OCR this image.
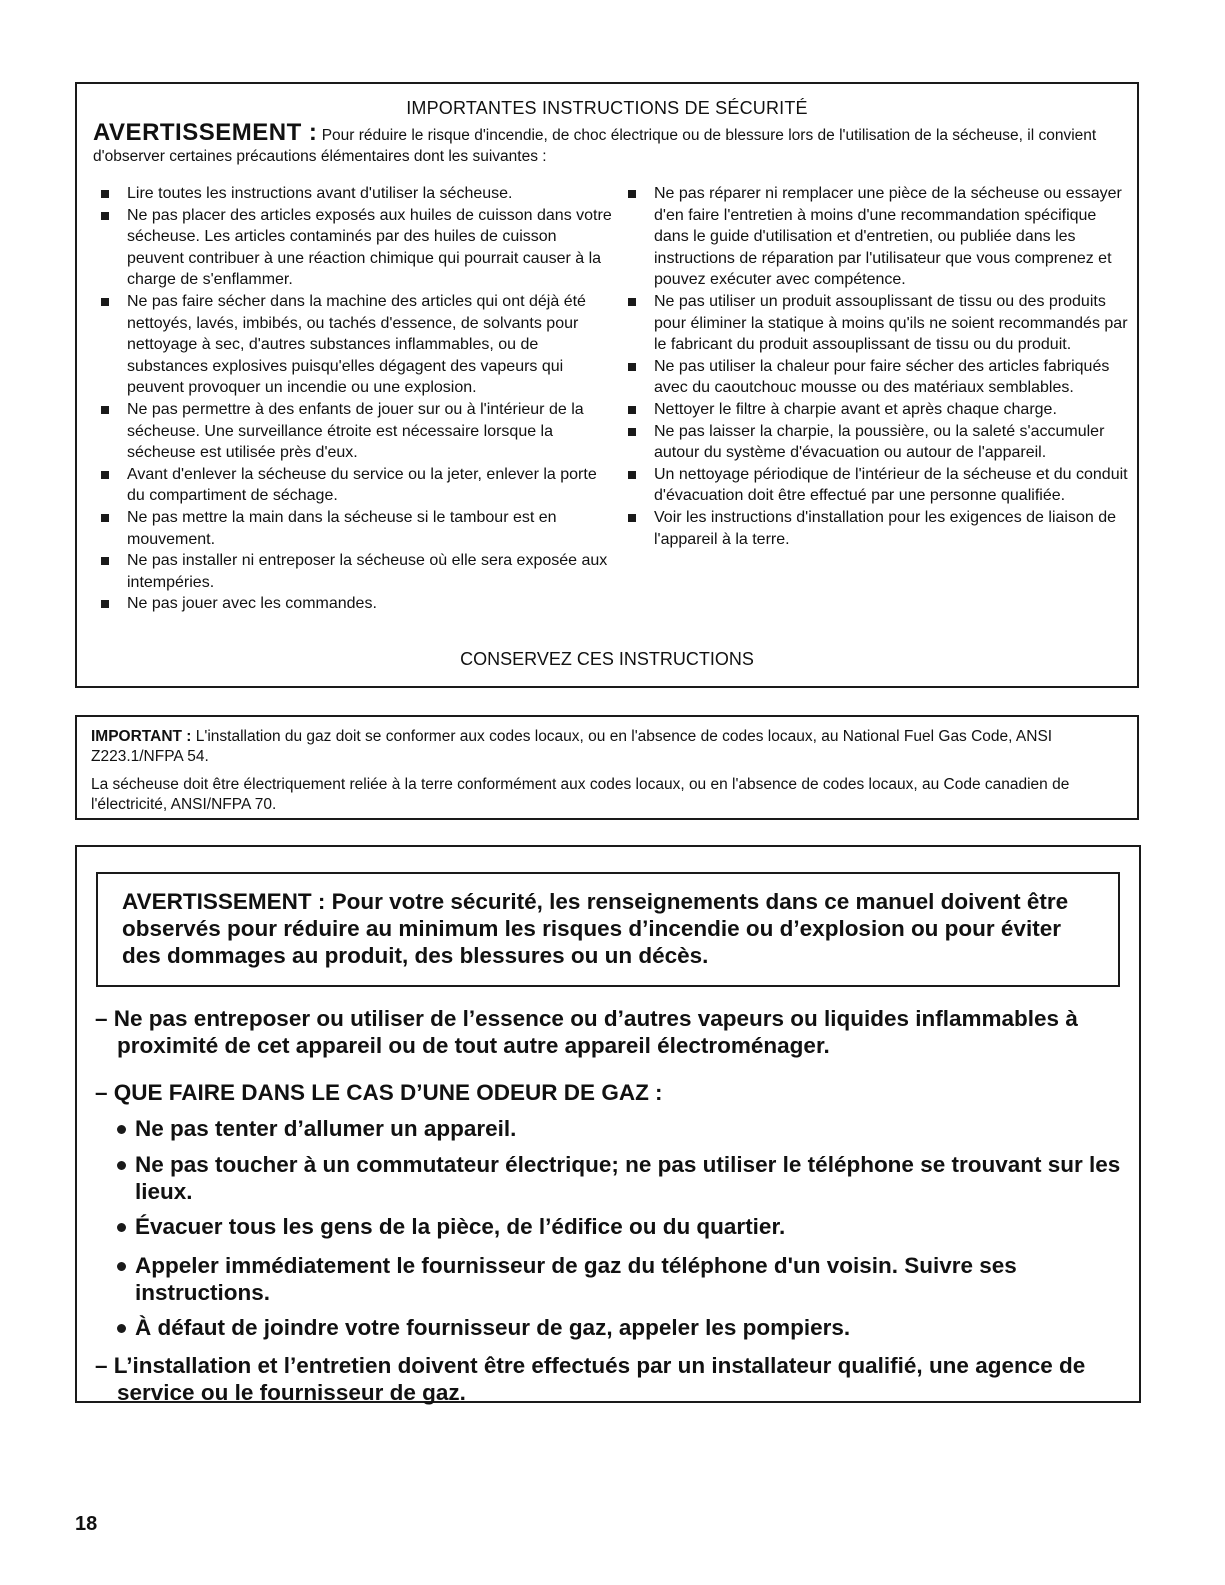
IMPORTANTES INSTRUCTIONS DE SÉCURITÉ
AVERTISSEMENT : Pour réduire le risque d'incendie, de choc électrique ou de blessure lors de l'utilisation de la sécheuse, il convient d'observer certaines précautions élémentaires dont les suivantes :
Lire toutes les instructions avant d'utiliser la sécheuse.
Ne pas placer des articles exposés aux huiles de cuisson dans votre sécheuse. Les articles contaminés par des huiles de cuisson peuvent contribuer à une réaction chimique qui pourrait causer à la charge de s'enflammer.
Ne pas faire sécher dans la machine des articles qui ont déjà été nettoyés, lavés, imbibés, ou tachés d'essence, de solvants pour nettoyage à sec, d'autres substances inflammables, ou de substances explosives puisqu'elles dégagent des vapeurs qui peuvent provoquer un incendie ou une explosion.
Ne pas permettre à des enfants de jouer sur ou à l'intérieur de la sécheuse. Une surveillance étroite est nécessaire lorsque la sécheuse est utilisée près d'eux.
Avant d'enlever la sécheuse du service ou la jeter, enlever la porte du compartiment de séchage.
Ne pas mettre la main dans la sécheuse si le tambour est en mouvement.
Ne pas installer ni entreposer la sécheuse où elle sera exposée aux intempéries.
Ne pas jouer avec les commandes.
Ne pas réparer ni remplacer une pièce de la sécheuse ou essayer d'en faire l'entretien à moins d'une recommandation spécifique dans le guide d'utilisation et d'entretien, ou publiée dans les instructions de réparation par l'utilisateur que vous comprenez et pouvez exécuter avec compétence.
Ne pas utiliser un produit assouplissant de tissu ou des produits pour éliminer la statique à moins qu'ils ne soient recommandés par le fabricant du produit assouplissant de tissu ou du produit.
Ne pas utiliser la chaleur pour faire sécher des articles fabriqués avec du caoutchouc mousse ou des matériaux semblables.
Nettoyer le filtre à charpie avant et après chaque charge.
Ne pas laisser la charpie, la poussière, ou la saleté s'accumuler autour du système d'évacuation ou autour de l'appareil.
Un nettoyage périodique de l'intérieur de la sécheuse et du conduit d'évacuation doit être effectué par une personne qualifiée.
Voir les instructions d'installation pour les exigences de liaison de l'appareil à la terre.
CONSERVEZ CES INSTRUCTIONS

IMPORTANT : L'installation du gaz doit se conformer aux codes locaux, ou en l'absence de codes locaux, au National Fuel Gas Code, ANSI Z223.1/NFPA 54.

La sécheuse doit être électriquement reliée à la terre conformément aux codes locaux, ou en l'absence de codes locaux, au Code canadien de l'électricité, ANSI/NFPA 70.

AVERTISSEMENT : Pour votre sécurité, les renseignements dans ce manuel doivent être observés pour réduire au minimum les risques d’incendie ou d’explosion ou pour éviter des dommages au produit, des blessures ou un décès.
– Ne pas entreposer ou utiliser de l’essence ou d’autres vapeurs ou liquides inflammables à proximité de cet appareil ou de tout autre appareil électroménager.
– QUE FAIRE DANS LE CAS D’UNE ODEUR DE GAZ :
Ne pas tenter d’allumer un appareil.
Ne pas toucher à un commutateur électrique; ne pas utiliser le téléphone se trouvant sur les lieux.
Évacuer tous les gens de la pièce, de l’édifice ou du quartier.
Appeler immédiatement le fournisseur de gaz du téléphone d'un voisin. Suivre ses instructions.
À défaut de joindre votre fournisseur de gaz, appeler les pompiers.
– L’installation et l’entretien doivent être effectués par un installateur qualifié, une agence de service ou le fournisseur de gaz.
18
